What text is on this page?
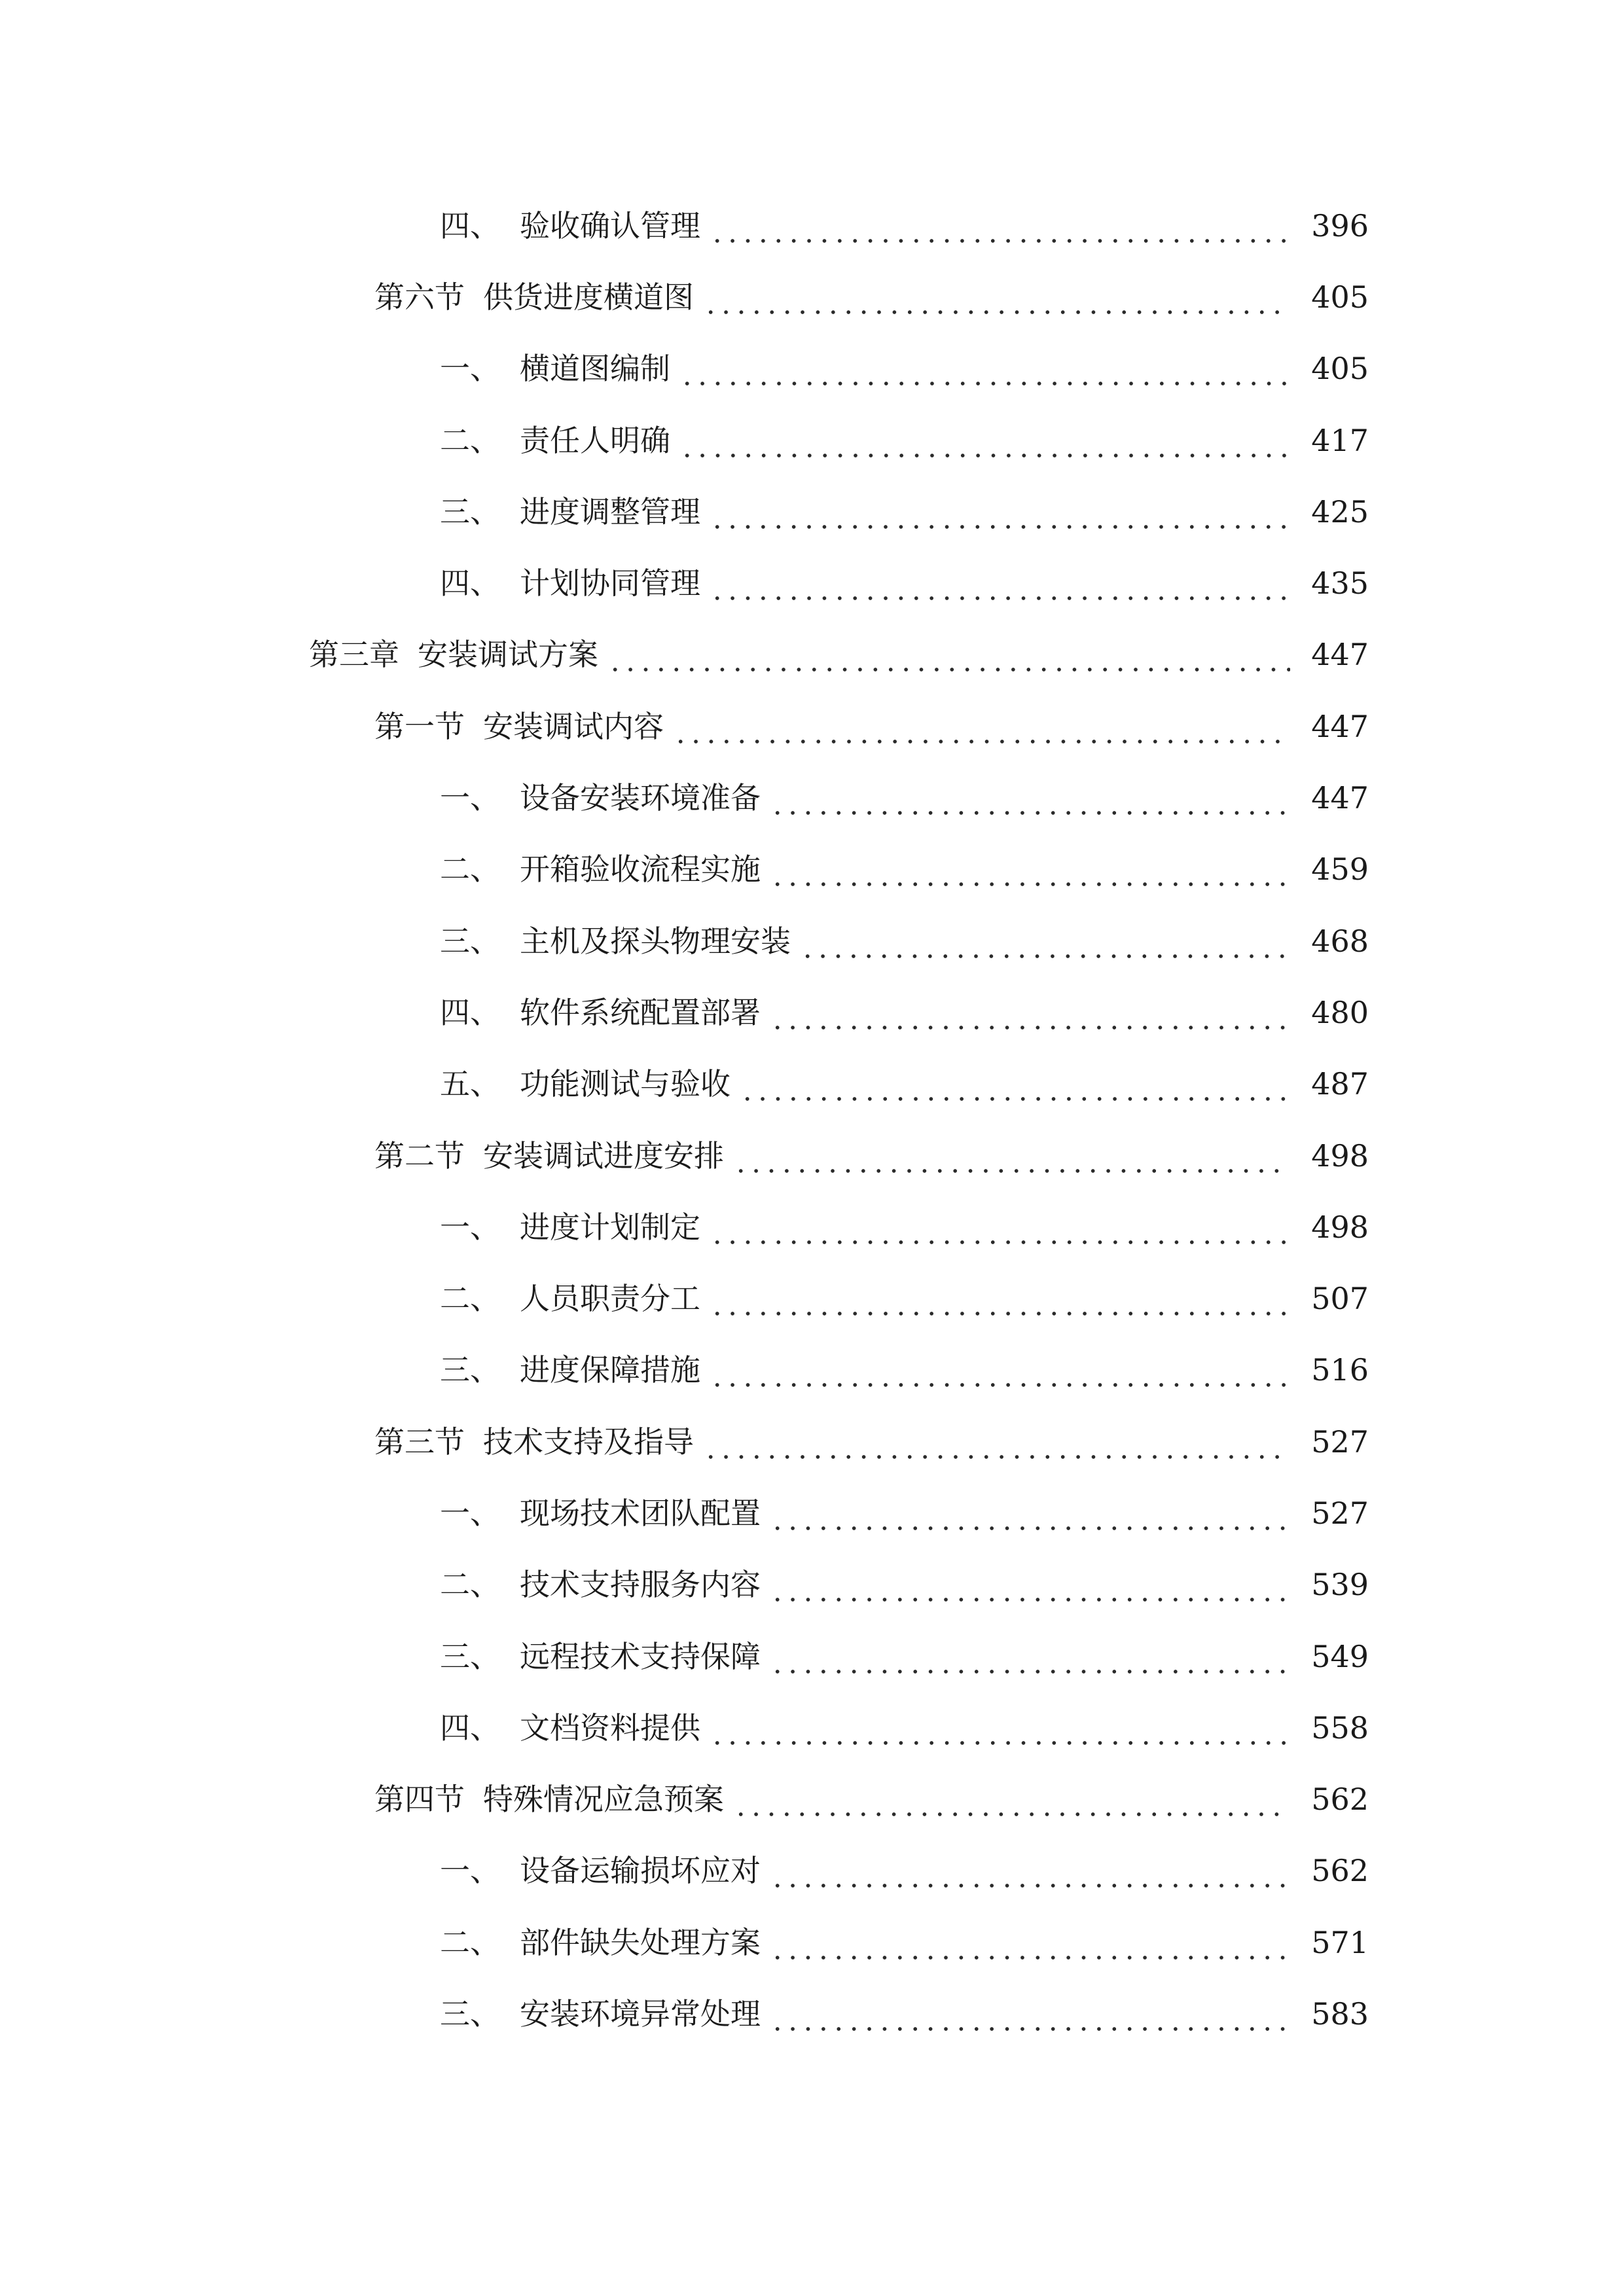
四、 验收确认管理	396
第六节 供货进度横道图	405
一、 横道图编制	405
二、 责任人明确	417
三、 进度调整管理	425
四、 计划协同管理	435
第三章 安装调试方案	447
第一节 安装调试内容	447
一、 设备安装环境准备	447
二、 开箱验收流程实施	459
三、 主机及探头物理安装	468
四、 软件系统配置部署	480
五、 功能测试与验收	487
第二节 安装调试进度安排	498
一、 进度计划制定	498
二、 人员职责分工	507
三、 进度保障措施	516
第三节 技术支持及指导	527
一、 现场技术团队配置	527
二、 技术支持服务内容	539
三、 远程技术支持保障	549
四、 文档资料提供	558
第四节 特殊情况应急预案	562
一、 设备运输损坏应对	562
二、 部件缺失处理方案	571
三、 安装环境异常处理	583
